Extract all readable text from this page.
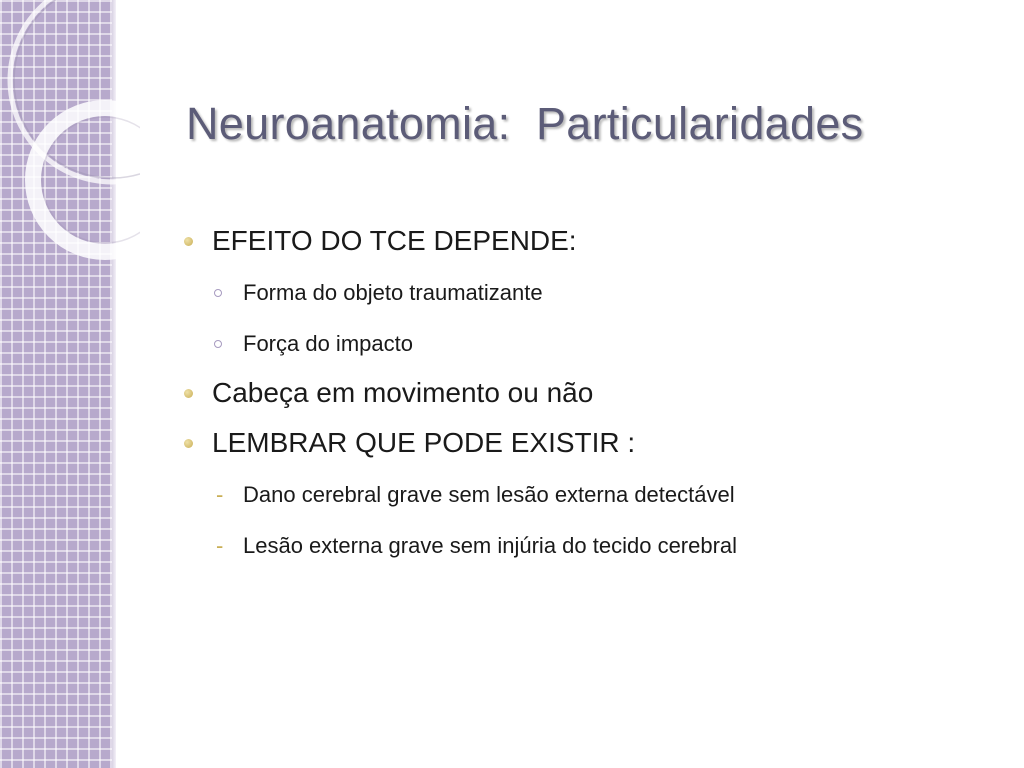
Neuroanatomia:  Particularidades
EFEITO DO TCE DEPENDE:
Forma do objeto traumatizante
Força do impacto
Cabeça em movimento ou não
LEMBRAR QUE PODE EXISTIR :
- Dano cerebral grave sem lesão externa detectável
- Lesão externa grave sem injúria do tecido cerebral
